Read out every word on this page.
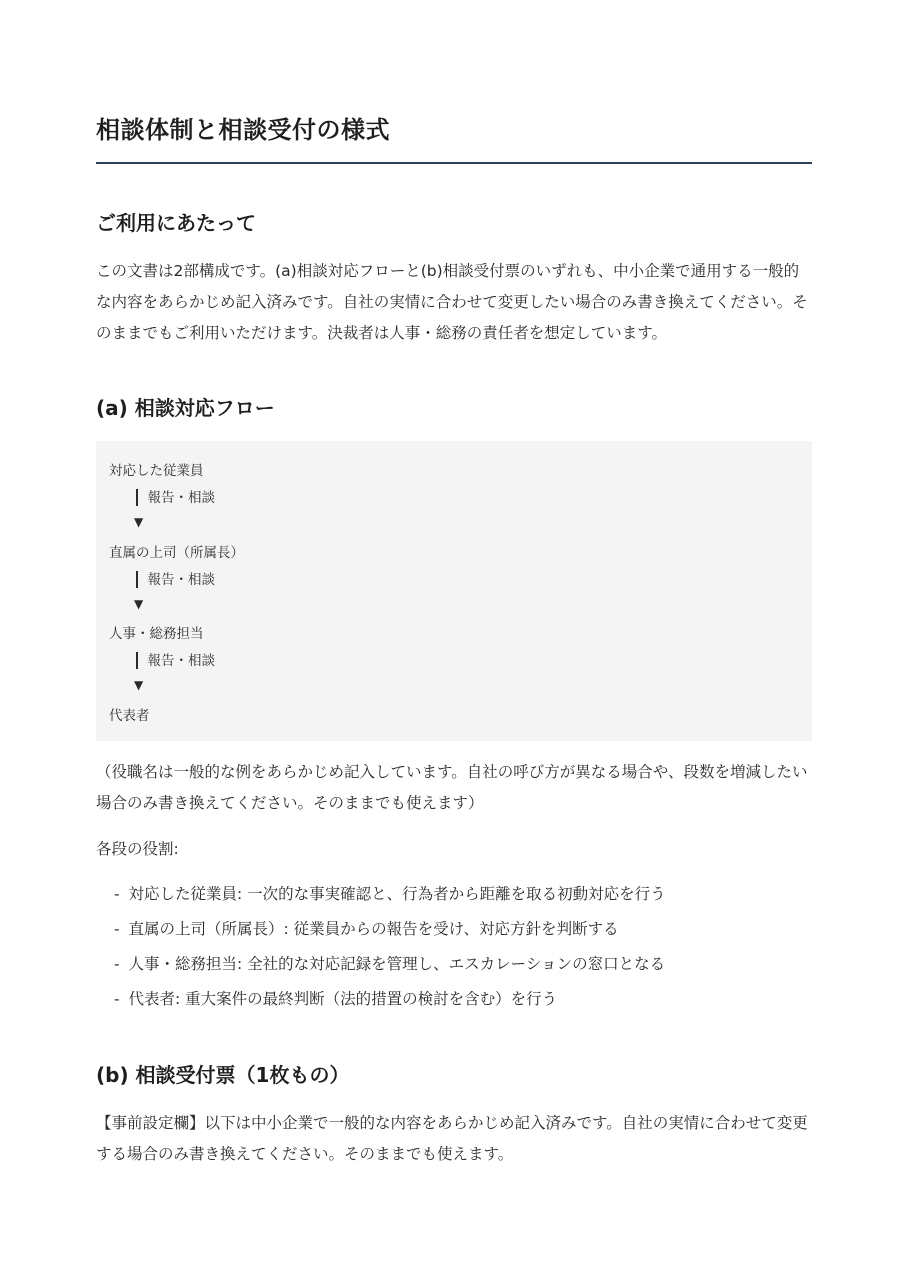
相談体制と相談受付の様式
ご利用にあたって

この文書は2部構成です。(a)相談対応フローと(b)相談受付票のいずれも、中小企業で通用する一般的な内容をあらかじめ記入済みです。自社の実情に合わせて変更したい場合のみ書き換えてください。そのままでもご利用いただけます。決裁者は人事・総務の責任者を想定しています。

(a) 相談対応フロー
対応した従業員
報告・相談
▼
直属の上司（所属長）
報告・相談
▼
人事・総務担当
報告・相談
▼
代表者

（役職名は一般的な例をあらかじめ記入しています。自社の呼び方が異なる場合や、段数を増減したい場合のみ書き換えてください。そのままでも使えます）

各段の役割:

- 対応した従業員: 一次的な事実確認と、行為者から距離を取る初動対応を行う
- 直属の上司（所属長）: 従業員からの報告を受け、対応方針を判断する
- 人事・総務担当: 全社的な対応記録を管理し、エスカレーションの窓口となる
- 代表者: 重大案件の最終判断（法的措置の検討を含む）を行う
(b) 相談受付票（1枚もの）

【事前設定欄】以下は中小企業で一般的な内容をあらかじめ記入済みです。自社の実情に合わせて変更する場合のみ書き換えてください。そのままでも使えます。
